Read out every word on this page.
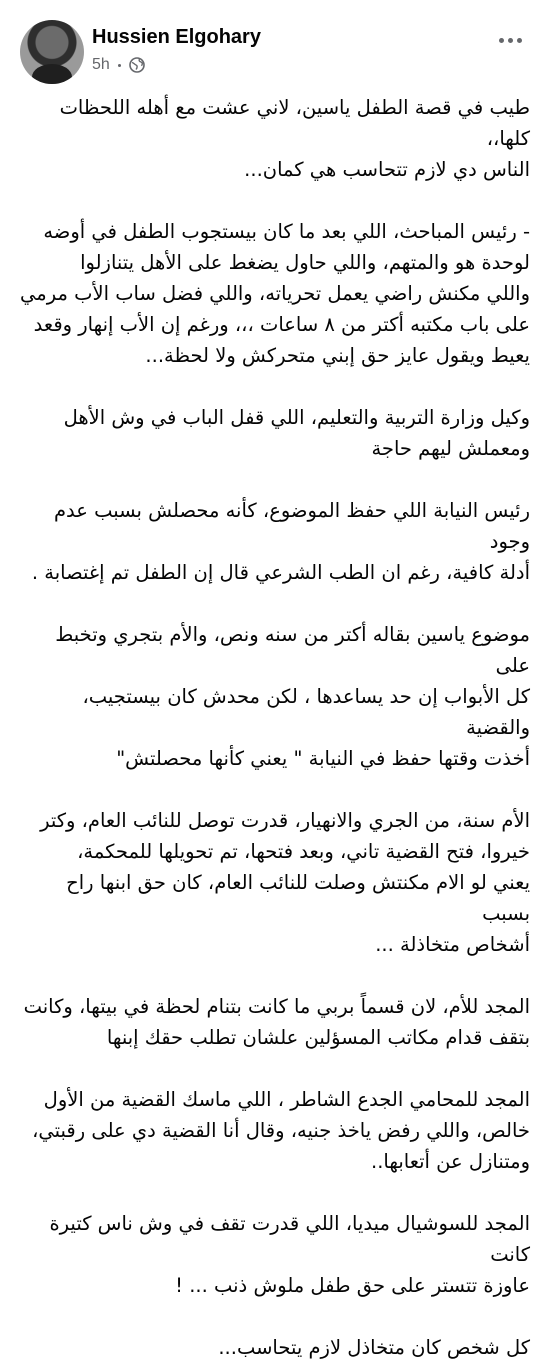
Hussien Elgohary
5h

طيب في قصة الطفل ياسين، لاني عشت مع أهله اللحظات كلها،،
الناس دي لازم تتحاسب هي كمان...

- رئيس المباحث، اللي بعد ما كان بيستجوب الطفل في أوضه
لوحدة هو والمتهم، واللي حاول يضغط على الأهل يتنازلوا
واللي مكنش راضي يعمل تحرياته، واللي فضل ساب الأب مرمي
على باب مكتبه أكتر من ٨ ساعات ،،، ورغم إن الأب إنهار وقعد
يعيط ويقول عايز حق إبني متحركش ولا لحظة...

وكيل وزارة التربية والتعليم، اللي قفل الباب في وش الأهل
ومعملش ليهم حاجة

رئيس النيابة اللي حفظ الموضوع، كأنه محصلش بسبب عدم وجود
أدلة كافية، رغم ان الطب الشرعي قال إن الطفل تم إغتصابة .

موضوع ياسين بقاله أكتر من سنه ونص، والأم بتجري وتخبط على
كل الأبواب إن حد يساعدها ، لكن محدش كان بيستجيب، والقضية
أخذت وقتها حفظ في النيابة " يعني كأنها محصلتش"

الأم سنة، من الجري والانهيار، قدرت توصل للنائب العام، وكتر
خيروا، فتح القضية تاني، وبعد فتحها، تم تحويلها للمحكمة،
يعني لو الام مكنتش وصلت للنائب العام، كان حق ابنها راح بسبب
أشخاص متخاذلة ...

المجد للأم، لان قسماً بربي ما كانت بتنام لحظة في بيتها، وكانت
بتقف قدام مكاتب المسؤلين علشان تطلب حقك إبنها

المجد للمحامي الجدع الشاطر ، اللي ماسك القضية من الأول
خالص، واللي رفض ياخذ جنيه، وقال أنا القضية دي على رقبتي،
ومتنازل عن أتعابها..

المجد للسوشيال ميديا، اللي قدرت تقف في وش ناس كتيرة كانت
عاوزة تتستر على حق طفل ملوش ذنب ... !

كل شخص كان متخاذل لازم يتحاسب...
